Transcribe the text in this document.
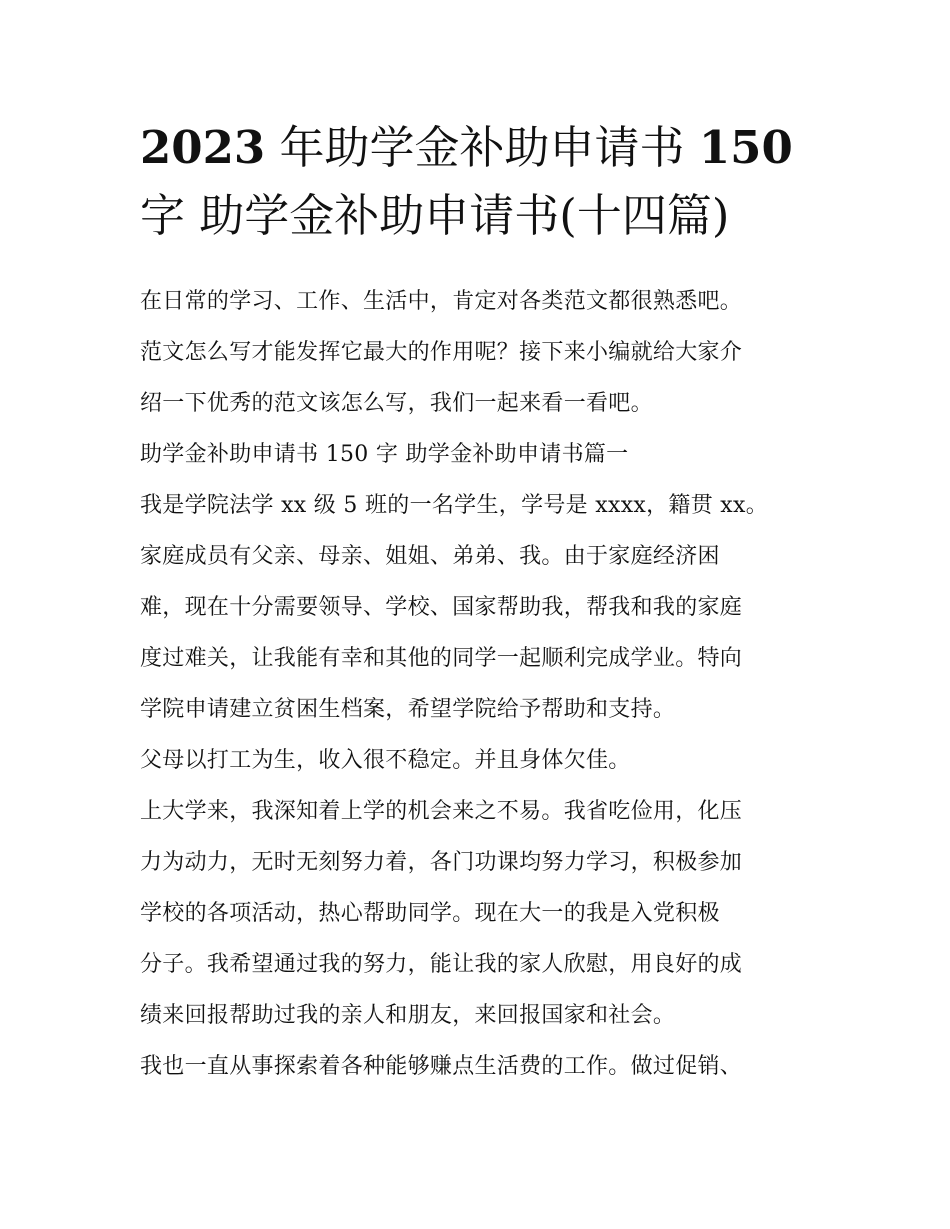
2023 年助学金补助申请书 150
字 助学金补助申请书(十四篇)
在日常的学习、工作、生活中，肯定对各类范文都很熟悉吧。
范文怎么写才能发挥它最大的作用呢？接下来小编就给大家介
绍一下优秀的范文该怎么写，我们一起来看一看吧。
助学金补助申请书 150 字 助学金补助申请书篇一
我是学院法学 xx 级 5 班的一名学生，学号是 xxxx，籍贯 xx。
家庭成员有父亲、母亲、姐姐、弟弟、我。由于家庭经济困
难，现在十分需要领导、学校、国家帮助我，帮我和我的家庭
度过难关，让我能有幸和其他的同学一起顺利完成学业。特向
学院申请建立贫困生档案，希望学院给予帮助和支持。
父母以打工为生，收入很不稳定。并且身体欠佳。
上大学来，我深知着上学的机会来之不易。我省吃俭用，化压
力为动力，无时无刻努力着，各门功课均努力学习，积极参加
学校的各项活动，热心帮助同学。现在大一的我是入党积极
分子。我希望通过我的努力，能让我的家人欣慰，用良好的成
绩来回报帮助过我的亲人和朋友，来回报国家和社会。
我也一直从事探索着各种能够赚点生活费的工作。做过促销、
